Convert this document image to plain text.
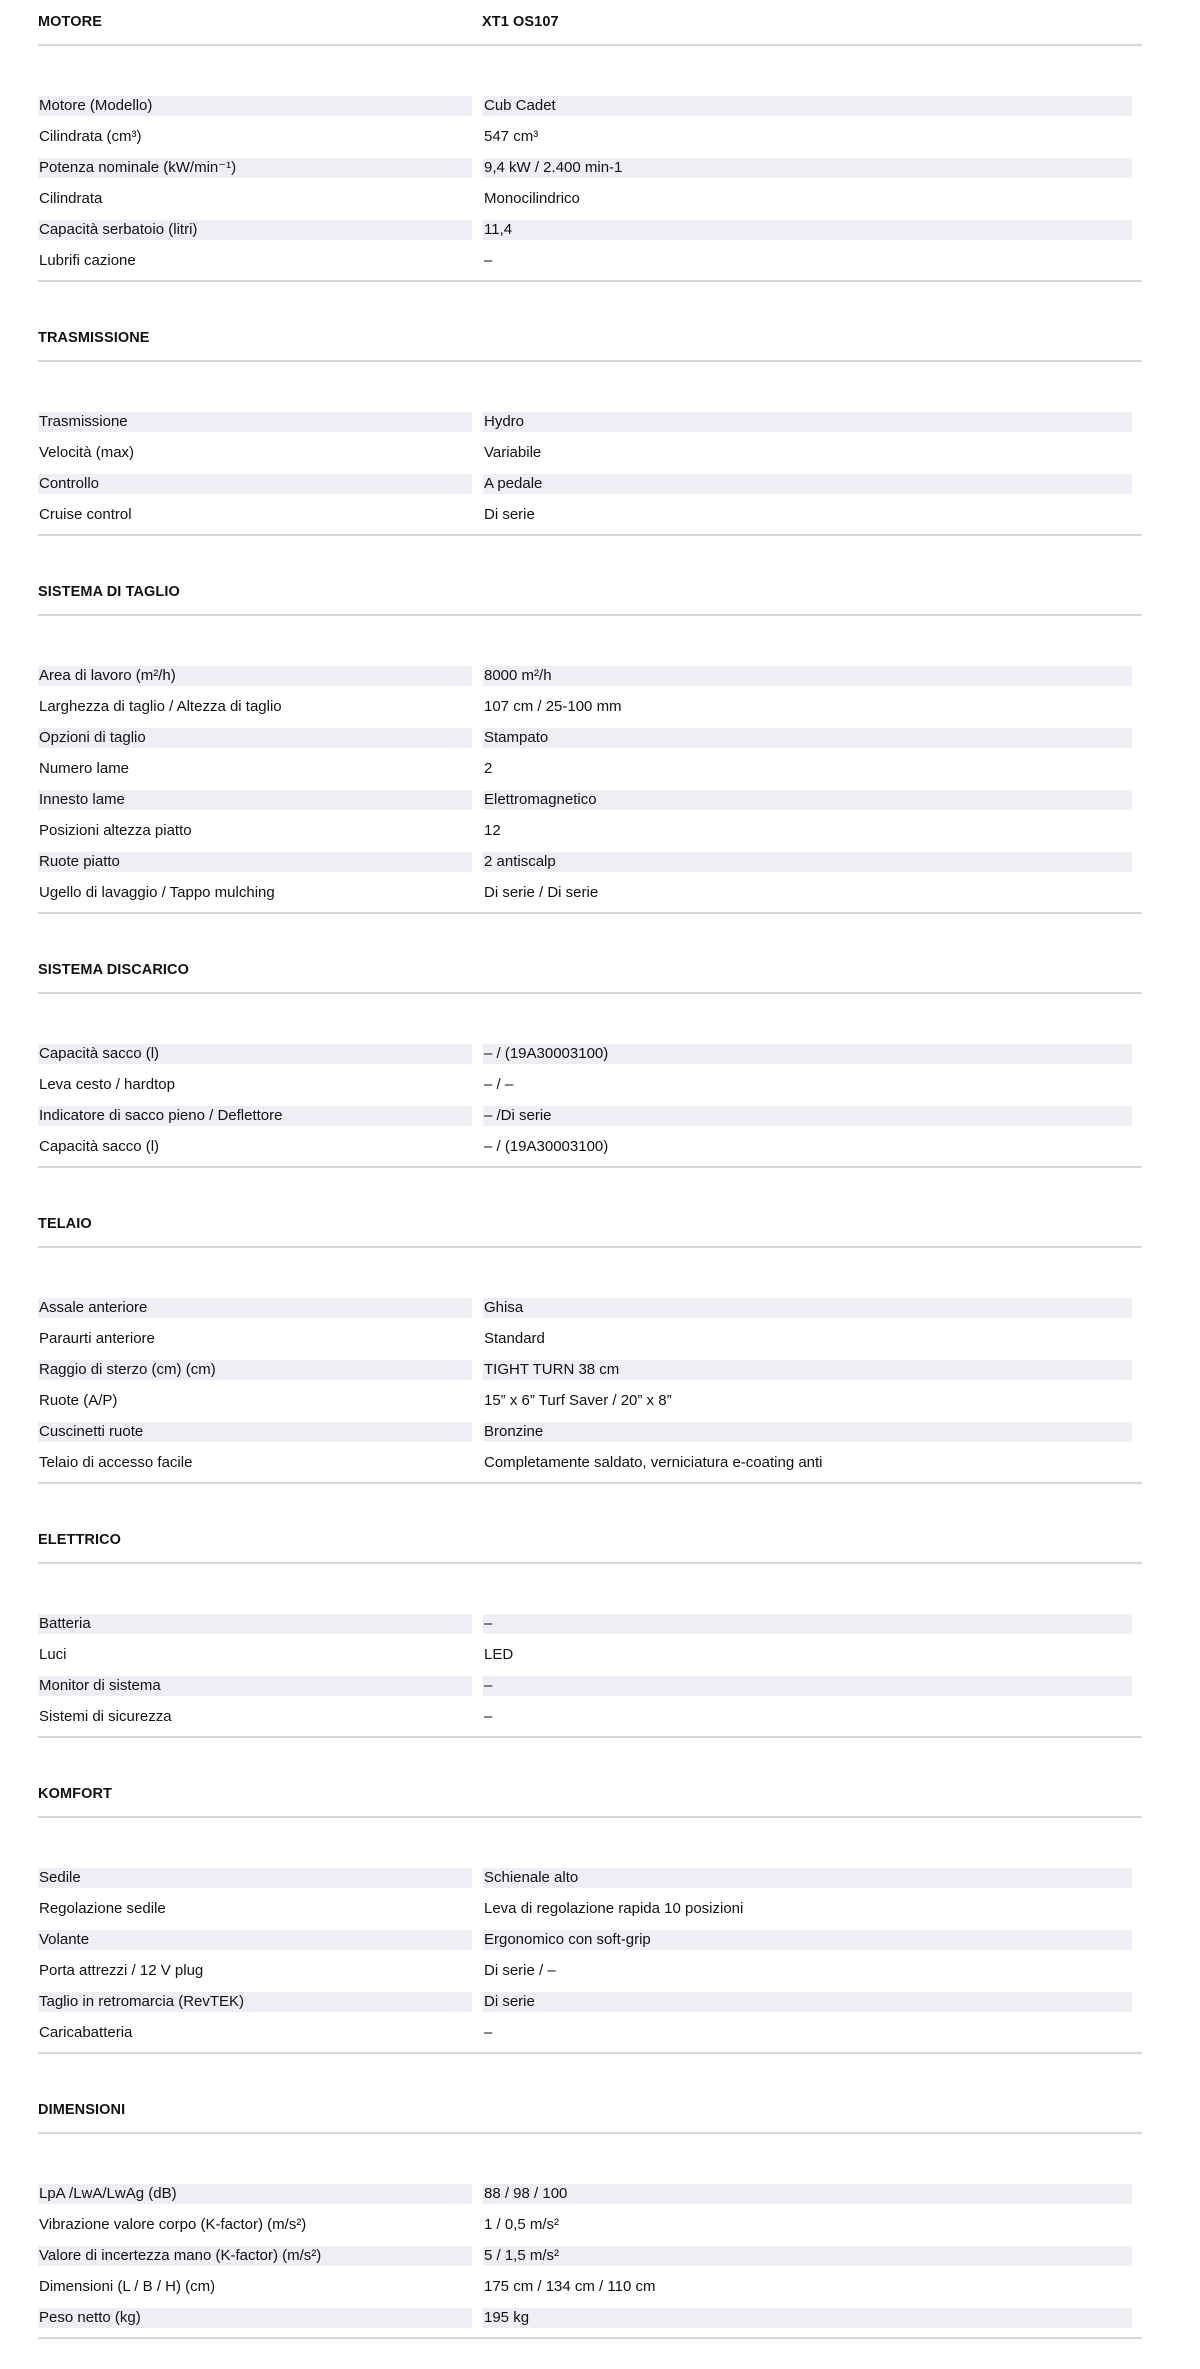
MOTORE	XT1 OS107
Motore (Modello)	Cub Cadet
Cilindrata (cm³)	547 cm³
Potenza nominale (kW/min⁻¹)	9,4 kW / 2.400 min-1
Cilindrata	Monocilindrico
Capacità serbatoio (litri)	11,4
Lubrifi cazione	–
TRASMISSIONE
Trasmissione	Hydro
Velocità (max)	Variabile
Controllo	A pedale
Cruise control	Di serie
SISTEMA DI TAGLIO
Area di lavoro (m²/h)	8000 m²/h
Larghezza di taglio / Altezza di taglio	107 cm / 25-100 mm
Opzioni di taglio	Stampato
Numero lame	2
Innesto lame	Elettromagnetico
Posizioni altezza piatto	12
Ruote piatto	2 antiscalp
Ugello di lavaggio / Tappo mulching	Di serie / Di serie
SISTEMA DISCARICO
Capacità sacco (l)	– / (19A30003100)
Leva cesto / hardtop	– / –
Indicatore di sacco pieno / Deflettore	– /Di serie
Capacità sacco (l)	– / (19A30003100)
TELAIO
Assale anteriore	Ghisa
Paraurti anteriore	Standard
Raggio di sterzo (cm) (cm)	TIGHT TURN 38 cm
Ruote (A/P)	15” x 6” Turf Saver / 20” x 8”
Cuscinetti ruote	Bronzine
Telaio di accesso facile	Completamente saldato, verniciatura e-coating anti
ELETTRICO
Batteria	–
Luci	LED
Monitor di sistema	–
Sistemi di sicurezza	–
KOMFORT
Sedile	Schienale alto
Regolazione sedile	Leva di regolazione rapida 10 posizioni
Volante	Ergonomico con soft-grip
Porta attrezzi / 12 V plug	Di serie / –
Taglio in retromarcia (RevTEK)	Di serie
Caricabatteria	–
DIMENSIONI
LpA /LwA/LwAg (dB)	88 / 98 / 100
Vibrazione valore corpo (K-factor) (m/s²)	1 / 0,5 m/s²
Valore di incertezza mano (K-factor) (m/s²)	5 / 1,5 m/s²
Dimensioni (L / B / H) (cm)	175 cm / 134 cm / 110 cm
Peso netto (kg)	195 kg
